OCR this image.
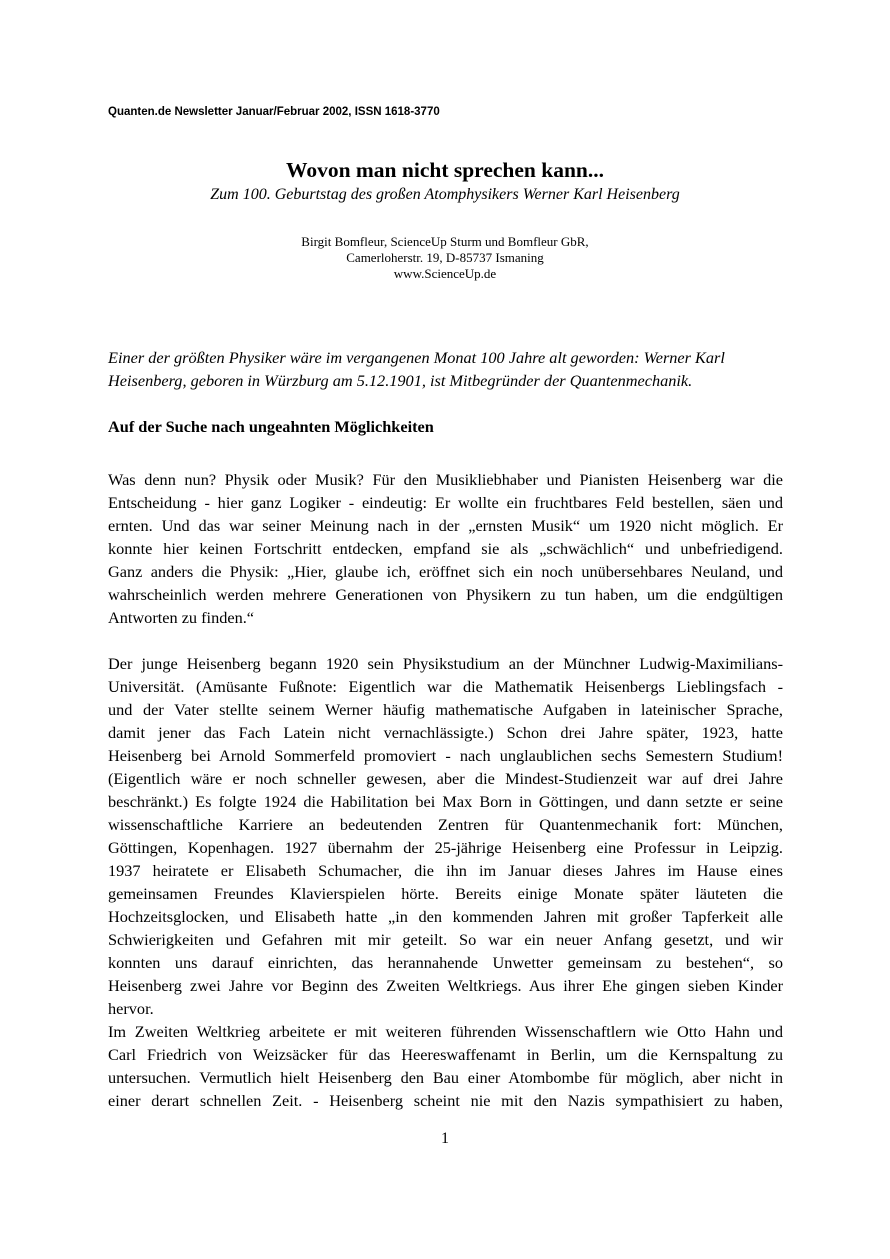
Quanten.de Newsletter Januar/Februar 2002, ISSN 1618-3770
Wovon man nicht sprechen kann...
Zum 100. Geburtstag des großen Atomphysikers Werner Karl Heisenberg
Birgit Bomfleur, ScienceUp Sturm und Bomfleur GbR,
Camerloherstr. 19, D-85737 Ismaning
www.ScienceUp.de
Einer der größten Physiker wäre im vergangenen Monat 100 Jahre alt geworden: Werner Karl
Heisenberg, geboren in Würzburg am 5.12.1901, ist Mitbegründer der Quantenmechanik.
Auf der Suche nach ungeahnten Möglichkeiten
Was denn nun? Physik oder Musik? Für den Musikliebhaber und Pianisten Heisenberg war die
Entscheidung - hier ganz Logiker - eindeutig: Er wollte ein fruchtbares Feld bestellen, säen und
ernten. Und das war seiner Meinung nach in der „ernsten Musik“ um 1920 nicht möglich. Er
konnte hier keinen Fortschritt entdecken, empfand sie als „schwächlich“ und unbefriedigend.
Ganz anders die Physik: „Hier, glaube ich, eröffnet sich ein noch unübersehbares Neuland, und
wahrscheinlich werden mehrere Generationen von Physikern zu tun haben, um die endgültigen
Antworten zu finden.“
Der junge Heisenberg begann 1920 sein Physikstudium an der Münchner Ludwig-Maximilians-
Universität. (Amüsante Fußnote: Eigentlich war die Mathematik Heisenbergs Lieblingsfach -
und der Vater stellte seinem Werner häufig mathematische Aufgaben in lateinischer Sprache,
damit jener das Fach Latein nicht vernachlässigte.) Schon drei Jahre später, 1923, hatte
Heisenberg bei Arnold Sommerfeld promoviert - nach unglaublichen sechs Semestern Studium!
(Eigentlich wäre er noch schneller gewesen, aber die Mindest-Studienzeit war auf drei Jahre
beschränkt.) Es folgte 1924 die Habilitation bei Max Born in Göttingen, und dann setzte er seine
wissenschaftliche Karriere an bedeutenden Zentren für Quantenmechanik fort: München,
Göttingen, Kopenhagen. 1927 übernahm der 25-jährige Heisenberg eine Professur in Leipzig.
1937 heiratete er Elisabeth Schumacher, die ihn im Januar dieses Jahres im Hause eines
gemeinsamen Freundes Klavierspielen hörte. Bereits einige Monate später läuteten die
Hochzeitsglocken, und Elisabeth hatte „in den kommenden Jahren mit großer Tapferkeit alle
Schwierigkeiten und Gefahren mit mir geteilt. So war ein neuer Anfang gesetzt, und wir
konnten uns darauf einrichten, das herannahende Unwetter gemeinsam zu bestehen“, so
Heisenberg zwei Jahre vor Beginn des Zweiten Weltkriegs. Aus ihrer Ehe gingen sieben Kinder
hervor.
Im Zweiten Weltkrieg arbeitete er mit weiteren führenden Wissenschaftlern wie Otto Hahn und
Carl Friedrich von Weizsäcker für das Heereswaffenamt in Berlin, um die Kernspaltung zu
untersuchen. Vermutlich hielt Heisenberg den Bau einer Atombombe für möglich, aber nicht in
einer derart schnellen Zeit. - Heisenberg scheint nie mit den Nazis sympathisiert zu haben,
1
